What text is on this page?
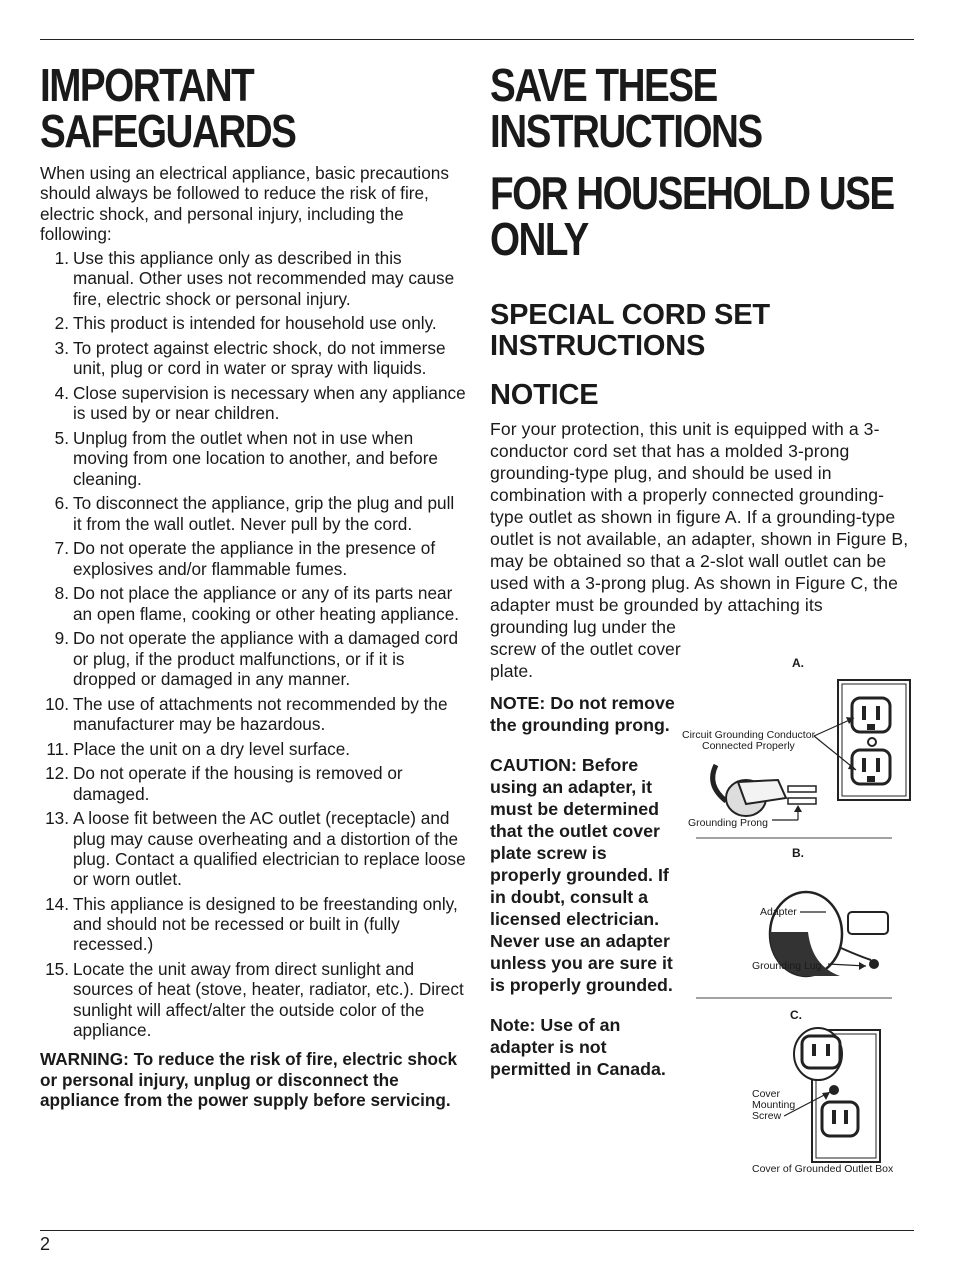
IMPORTANT
SAFEGUARDS

When using an electrical appliance, basic precautions should always be followed to reduce the risk of fire, electric shock, and personal injury, including the following:

1. Use this appliance only as described in this manual. Other uses not recommended may cause fire, electric shock or personal injury.
2. This product is intended for household use only.
3. To protect against electric shock, do not immerse unit, plug or cord in water or spray with liquids.
4. Close supervision is necessary when any appliance is used by or near children.
5. Unplug from the outlet when not in use when moving from one location to another, and before cleaning.
6. To disconnect the appliance, grip the plug and pull it from the wall outlet. Never pull by the cord.
7. Do not operate the appliance in the presence of explosives and/or flammable fumes.
8. Do not place the appliance or any of its parts near an open flame, cooking or other heating appliance.
9. Do not operate the appliance with a damaged cord or plug, if the product malfunctions, or if it is dropped or damaged in any manner.
10. The use of attachments not recommended by the manufacturer may be hazardous.
11. Place the unit on a dry level surface.
12. Do not operate if the housing is removed or damaged.
13. A loose fit between the AC outlet (receptacle) and plug may cause overheating and a distortion of the plug. Contact a qualified electrician to replace loose or worn outlet.
14. This appliance is designed to be freestanding only, and should not be recessed or built in (fully recessed.)
15. Locate the unit away from direct sunlight and sources of heat (stove, heater, radiator, etc.). Direct sunlight will affect/alter the outside color of the appliance.

WARNING: To reduce the risk of fire, electric shock or personal injury, unplug or disconnect the appliance from the power supply before servicing.

SAVE THESE
INSTRUCTIONS
FOR HOUSEHOLD USE
ONLY
SPECIAL CORD SET
INSTRUCTIONS
NOTICE

For your protection, this unit is equipped with a 3-conductor cord set that has a molded 3-prong grounding-type plug, and should be used in combination with a properly connected grounding-type outlet as shown in figure A. If a grounding-type outlet is not available, an adapter, shown in Figure B, may be obtained so that a 2-slot wall outlet can be used with a 3-prong plug. As shown in Figure C, the adapter must be grounded by attaching its

grounding lug under the screw of the outlet cover plate.

NOTE: Do not remove the grounding prong.

CAUTION: Before using an adapter, it must be determined that the outlet cover plate screw is properly grounded. If in doubt, consult a licensed electrician. Never use an adapter unless you are sure it is properly grounded.

Note: Use of an adapter is not permitted in Canada.

A.
Circuit Grounding Conductor
Connected Properly
Grounding Prong
B.
Adapter
Grounding Lug
C.
Cover
Mounting
Screw
Cover of Grounded Outlet Box
2
